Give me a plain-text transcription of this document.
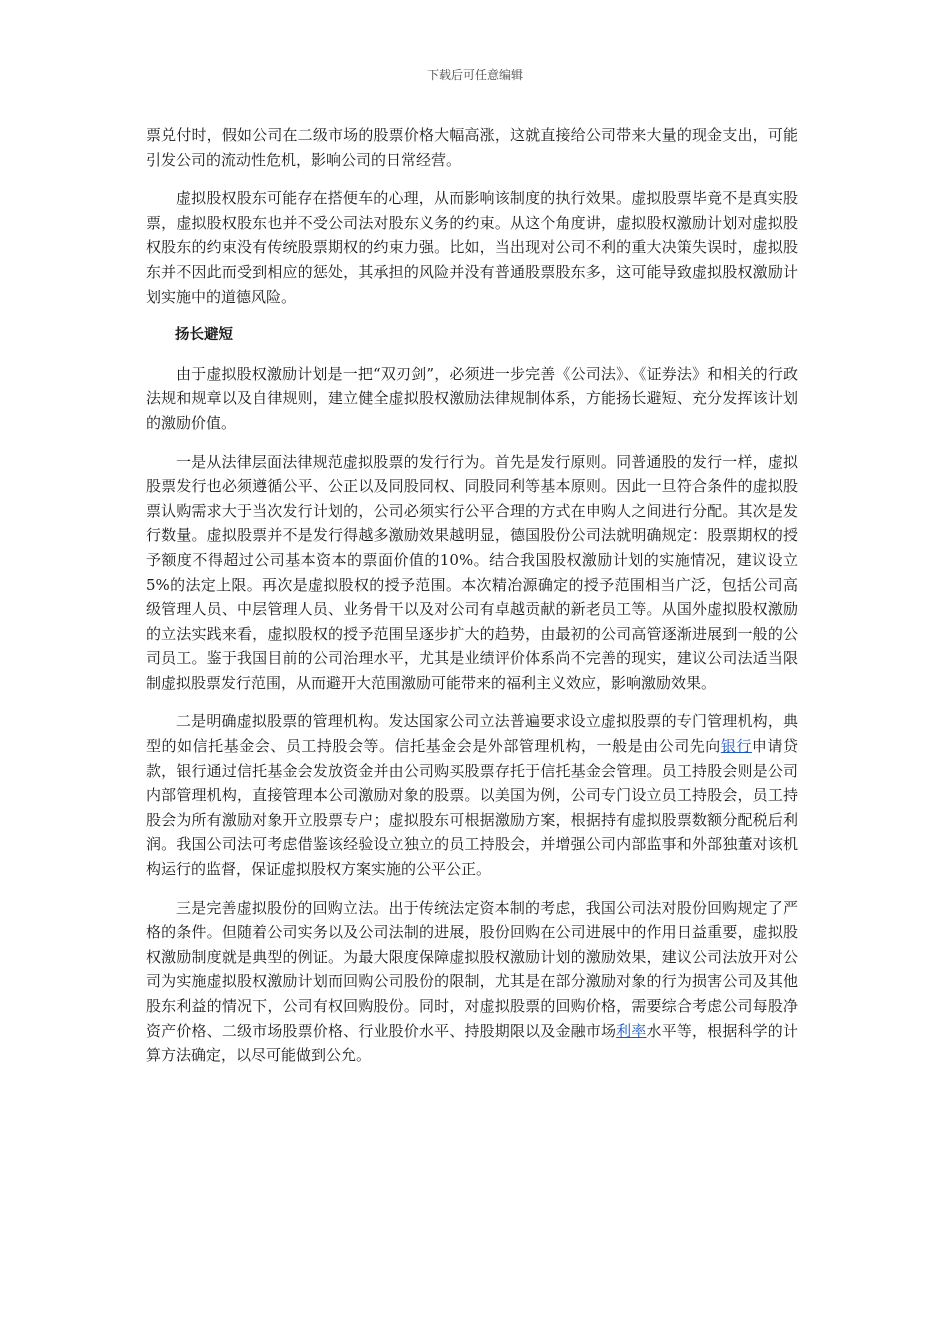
下载后可任意编辑

票兑付时，假如公司在二级市场的股票价格大幅高涨，这就直接给公司带来大量的现金支出，可能引发公司的流动性危机，影响公司的日常经营。

虚拟股权股东可能存在搭便车的心理，从而影响该制度的执行效果。虚拟股票毕竟不是真实股票，虚拟股权股东也并不受公司法对股东义务的约束。从这个角度讲，虚拟股权激励计划对虚拟股权股东的约束没有传统股票期权的约束力强。比如，当出现对公司不利的重大决策失误时，虚拟股东并不因此而受到相应的惩处，其承担的风险并没有普通股票股东多，这可能导致虚拟股权激励计划实施中的道德风险。

扬长避短

由于虚拟股权激励计划是一把“双刃剑”，必须进一步完善《公司法》、《证券法》和相关的行政法规和规章以及自律规则，建立健全虚拟股权激励法律规制体系，方能扬长避短、充分发挥该计划的激励价值。

一是从法律层面法律规范虚拟股票的发行行为。首先是发行原则。同普通股的发行一样，虚拟股票发行也必须遵循公平、公正以及同股同权、同股同利等基本原则。因此一旦符合条件的虚拟股票认购需求大于当次发行计划的，公司必须实行公平合理的方式在申购人之间进行分配。其次是发行数量。虚拟股票并不是发行得越多激励效果越明显，德国股份公司法就明确规定：股票期权的授予额度不得超过公司基本资本的票面价值的10%。结合我国股权激励计划的实施情况，建议设立5%的法定上限。再次是虚拟股权的授予范围。本次精冶源确定的授予范围相当广泛，包括公司高级管理人员、中层管理人员、业务骨干以及对公司有卓越贡献的新老员工等。从国外虚拟股权激励的立法实践来看，虚拟股权的授予范围呈逐步扩大的趋势，由最初的公司高管逐渐进展到一般的公司员工。鉴于我国目前的公司治理水平，尤其是业绩评价体系尚不完善的现实，建议公司法适当限制虚拟股票发行范围，从而避开大范围激励可能带来的福利主义效应，影响激励效果。

二是明确虚拟股票的管理机构。发达国家公司立法普遍要求设立虚拟股票的专门管理机构，典型的如信托基金会、员工持股会等。信托基金会是外部管理机构，一般是由公司先向银行申请贷款，银行通过信托基金会发放资金并由公司购买股票存托于信托基金会管理。员工持股会则是公司内部管理机构，直接管理本公司激励对象的股票。以美国为例，公司专门设立员工持股会，员工持股会为所有激励对象开立股票专户；虚拟股东可根据激励方案，根据持有虚拟股票数额分配税后利润。我国公司法可考虑借鉴该经验设立独立的员工持股会，并增强公司内部监事和外部独董对该机构运行的监督，保证虚拟股权方案实施的公平公正。

三是完善虚拟股份的回购立法。出于传统法定资本制的考虑，我国公司法对股份回购规定了严格的条件。但随着公司实务以及公司法制的进展，股份回购在公司进展中的作用日益重要，虚拟股权激励制度就是典型的例证。为最大限度保障虚拟股权激励计划的激励效果，建议公司法放开对公司为实施虚拟股权激励计划而回购公司股份的限制，尤其是在部分激励对象的行为损害公司及其他股东利益的情况下，公司有权回购股份。同时，对虚拟股票的回购价格，需要综合考虑公司每股净资产价格、二级市场股票价格、行业股价水平、持股期限以及金融市场利率水平等，根据科学的计算方法确定，以尽可能做到公允。
